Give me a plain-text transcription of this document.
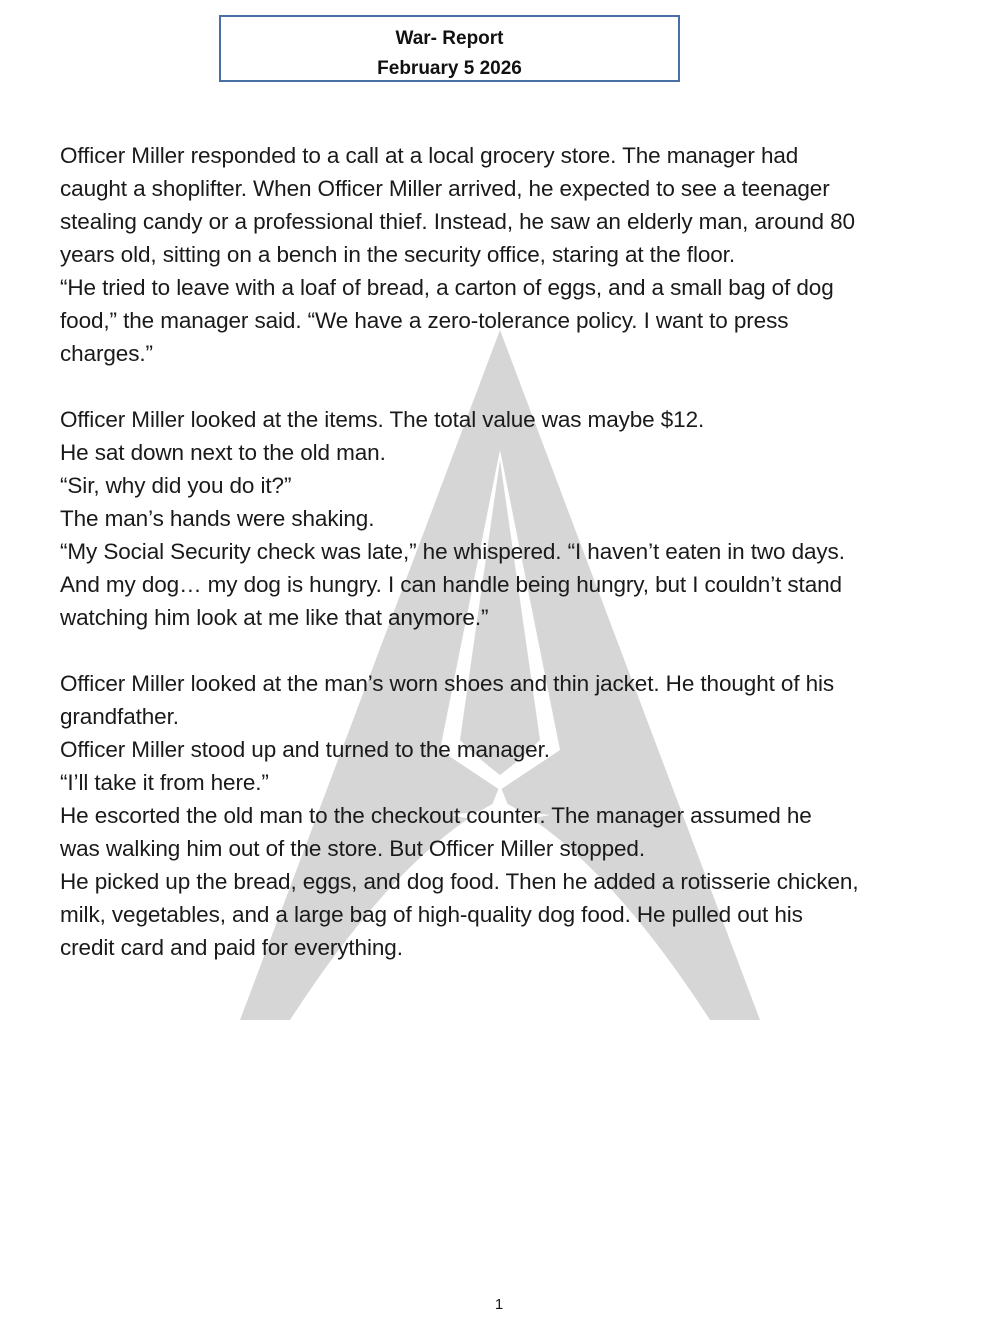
War- Report
February 5 2026

Officer Miller responded to a call at a local grocery store. The manager had
caught a shoplifter. When Officer Miller arrived, he expected to see a teenager
stealing candy or a professional thief. Instead, he saw an elderly man, around 80
years old, sitting on a bench in the security office, staring at the floor.
“He tried to leave with a loaf of bread, a carton of eggs, and a small bag of dog
food,” the manager said. “We have a zero-tolerance policy. I want to press
charges.”

Officer Miller looked at the items. The total value was maybe $12.
He sat down next to the old man.
“Sir, why did you do it?”
The man’s hands were shaking.
“My Social Security check was late,” he whispered. “I haven’t eaten in two days.
And my dog… my dog is hungry. I can handle being hungry, but I couldn’t stand
watching him look at me like that anymore.”

Officer Miller looked at the man’s worn shoes and thin jacket. He thought of his
grandfather.
Officer Miller stood up and turned to the manager.
“I’ll take it from here.”
He escorted the old man to the checkout counter. The manager assumed he
was walking him out of the store. But Officer Miller stopped.
He picked up the bread, eggs, and dog food. Then he added a rotisserie chicken,
milk, vegetables, and a large bag of high-quality dog food. He pulled out his
credit card and paid for everything.

1
